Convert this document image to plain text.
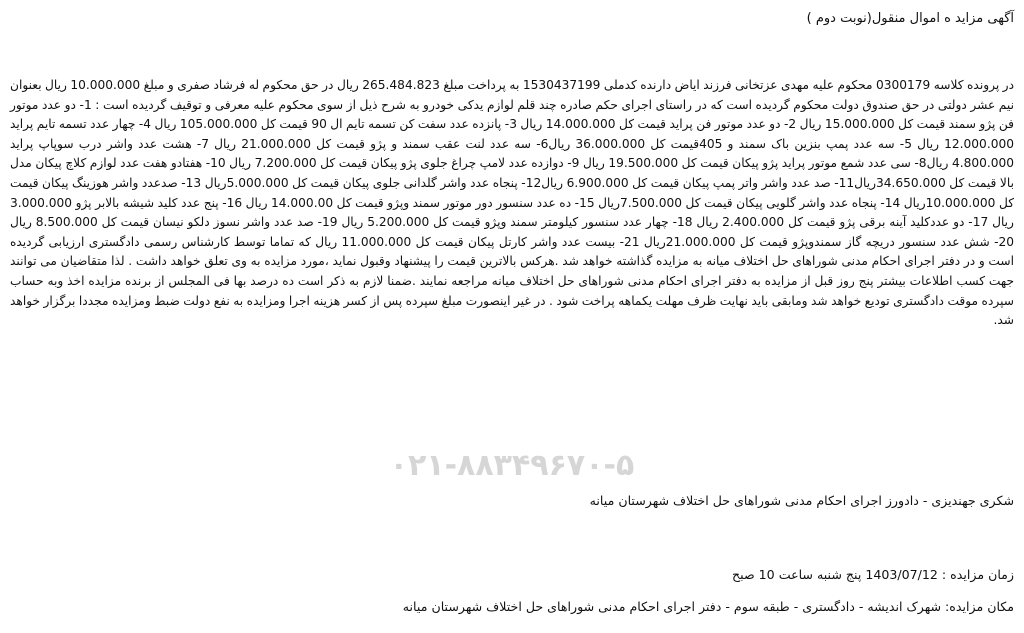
آگهی مزاید ه اموال منقول(نوبت دوم )
۰۲۱-۸۸۳۴۹۶۷۰-۵

در پرونده کلاسه 0300179 محکوم علیه مهدی عزتخانی فرزند ایاض دارنده کدملی 1530437199 به پرداخت مبلغ 265.484.823 ریال در حق محکوم له فرشاد صفری و مبلغ 10.000.000 ریال بعنوان نیم عشر دولتی در حق صندوق دولت محکوم گردیده است که در راستای اجرای حکم صادره چند قلم لوازم یدکی خودرو به شرح ذیل از سوی محکوم علیه معرفی و توقیف گردیده است : 1- دو عدد موتور فن پژو سمند قیمت کل 15.000.000 ریال 2- دو عدد موتور فن پراید قیمت کل 14.000.000 ریال 3- پانزده عدد سفت کن تسمه تایم ال 90 قیمت کل 105.000.000 ریال 4- چهار عدد تسمه تایم پراید 12.000.000 ریال 5- سه عدد پمپ بنزین باک سمند و 405قیمت کل 36.000.000 ریال6- سه عدد لنت عقب سمند و پژو قیمت کل 21.000.000 ریال 7- هشت عدد واشر درب سوپاپ پراید 4.800.000 ریال8- سی عدد شمع موتور پراید پژو پیکان قیمت کل 19.500.000 ریال 9- دوازده عدد لامپ چراغ جلوی پژو پیکان قیمت کل 7.200.000 ریال 10- هفتادو هفت عدد لوازم کلاچ پیکان مدل بالا قیمت کل 34.650.000ریال11- صد عدد واشر واتر پمپ پیکان قیمت کل 6.900.000 ریال12- پنجاه عدد واشر گلدانی جلوی پیکان قیمت کل 5.000.000ریال 13- صدعدد واشر هوزینگ پیکان قیمت کل 10.000.000ریال 14- پنجاه عدد واشر گلویی پیکان قیمت کل 7.500.000ریال 15- ده عدد سنسور دور موتور سمند وپژو قیمت کل 14.000.00 ریال 16- پنج عدد کلید شیشه بالابر پژو 3.000.000 ریال 17- دو عددکلید آینه برقی پژو قیمت کل 2.400.000 ریال 18- چهار عدد سنسور کیلومتر سمند وپژو قیمت کل 5.200.000 ریال 19- صد عدد واشر نسوز دلکو نیسان قیمت کل 8.500.000 ریال 20- شش عدد سنسور دریچه گاز سمندوپژو قیمت کل 21.000.000ریال 21- بیست عدد واشر کارتل پیکان قیمت کل 11.000.000 ریال که تماما توسط کارشناس رسمی دادگستری ارزیابی گردیده است و در دفتر اجرای احکام مدنی شوراهای حل اختلاف میانه به مزایده گذاشته خواهد شد .هرکس بالاترین قیمت را پیشنهاد وقبول نماید ،مورد مزایده به وی تعلق خواهد داشت . لذا متقاضیان می توانند جهت کسب اطلاعات بیشتر پنج روز قبل از مزایده به دفتر اجرای احکام مدنی شوراهای حل اختلاف میانه مراجعه نمایند .ضمنا لازم به ذکر است ده درصد بها فی المجلس از برنده مزایده اخذ وبه حساب سپرده موقت دادگستری تودیع خواهد شد ومابقی باید نهایت ظرف مهلت یکماهه پراخت شود . در غیر اینصورت مبلغ سپرده پس از کسر هزینه اجرا ومزایده به نفع دولت ضبط ومزایده مجددا برگزار خواهد شد.

شکری جهندیزی - دادورز اجرای احکام مدنی شوراهای حل اختلاف شهرستان میانه

زمان مزایده : 1403/07/12 پنج شنبه ساعت 10 صبح

مکان مزایده: شهرک اندیشه - دادگستری - طبقه سوم - دفتر اجرای احکام مدنی شوراهای حل اختلاف شهرستان میانه
